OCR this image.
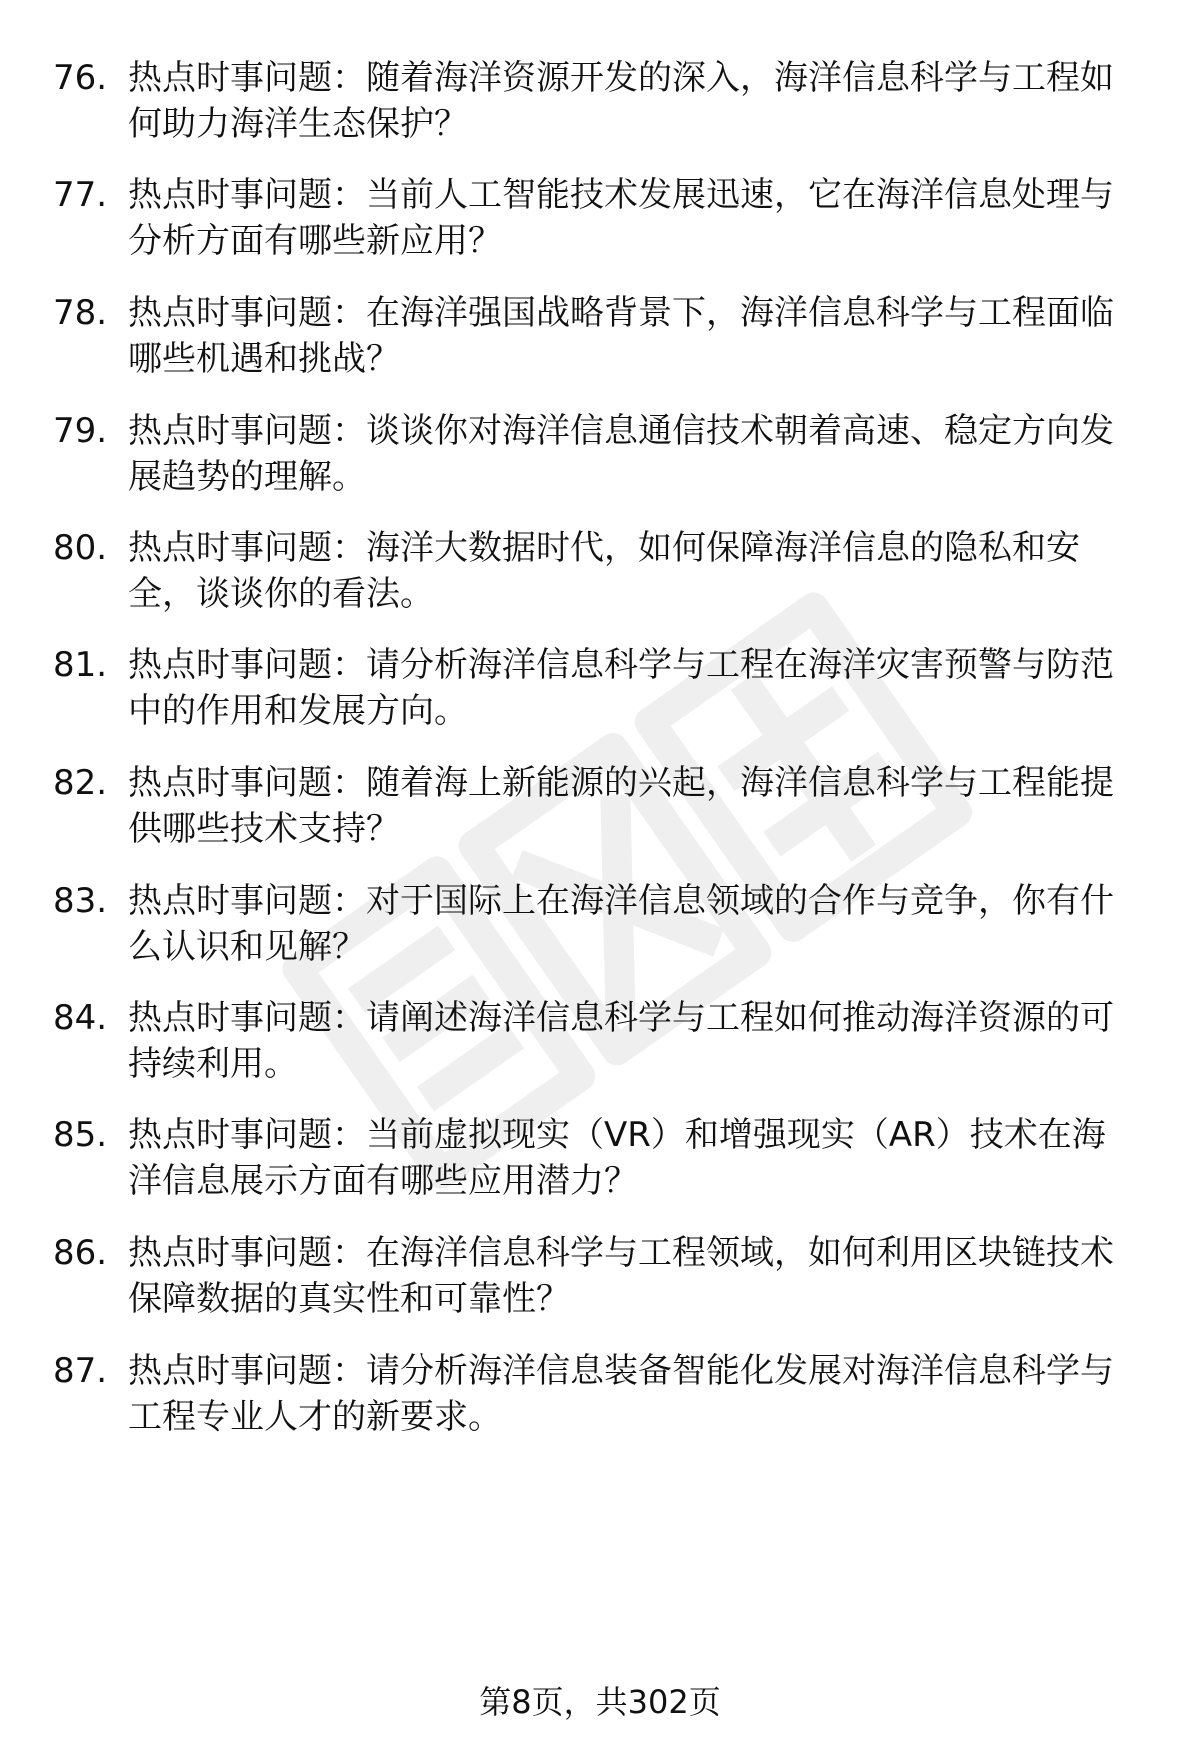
76. 热点时事问题：随着海洋资源开发的深入，海洋信息科学与工程如何助力海洋生态保护？
77. 热点时事问题：当前人工智能技术发展迅速，它在海洋信息处理与分析方面有哪些新应用？
78. 热点时事问题：在海洋强国战略背景下，海洋信息科学与工程面临哪些机遇和挑战？
79. 热点时事问题：谈谈你对海洋信息通信技术朝着高速、稳定方向发展趋势的理解。
80. 热点时事问题：海洋大数据时代，如何保障海洋信息的隐私和安全，谈谈你的看法。
81. 热点时事问题：请分析海洋信息科学与工程在海洋灾害预警与防范中的作用和发展方向。
82. 热点时事问题：随着海上新能源的兴起，海洋信息科学与工程能提供哪些技术支持？
83. 热点时事问题：对于国际上在海洋信息领域的合作与竞争，你有什么认识和见解？
84. 热点时事问题：请阐述海洋信息科学与工程如何推动海洋资源的可持续利用。
85. 热点时事问题：当前虚拟现实（VR）和增强现实（AR）技术在海洋信息展示方面有哪些应用潜力？
86. 热点时事问题：在海洋信息科学与工程领域，如何利用区块链技术保障数据的真实性和可靠性？
87. 热点时事问题：请分析海洋信息装备智能化发展对海洋信息科学与工程专业人才的新要求。
第8页，共302页
